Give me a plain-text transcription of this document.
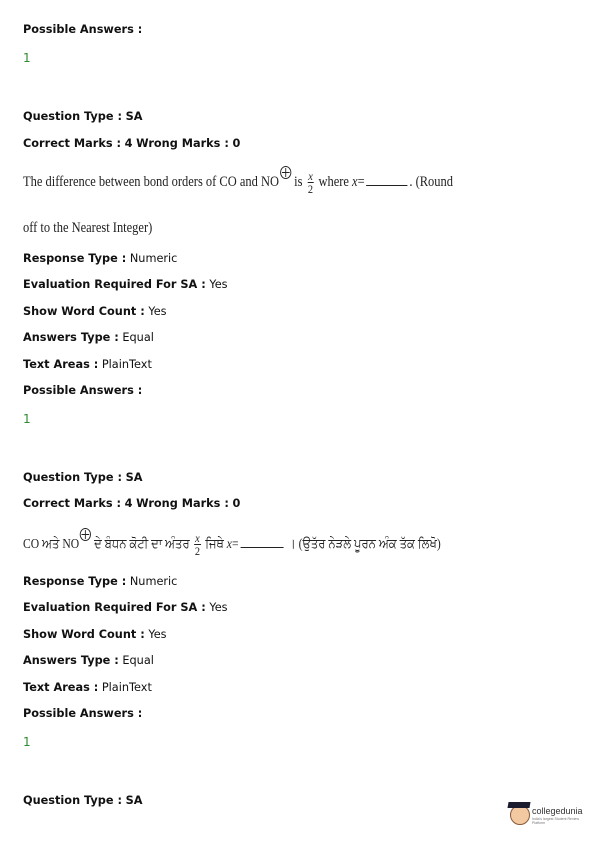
Possible Answers :
1
Question Type : SA
Correct Marks : 4 Wrong Marks : 0
The difference between bond orders of CO and NO is $\frac{x}{2}$ where x=	. (Round
off to the Nearest Integer)
Response Type : Numeric
Evaluation Required For SA : Yes
Show Word Count : Yes
Answers Type : Equal
Text Areas : PlainText
Possible Answers :
1
Question Type : SA
Correct Marks : 4 Wrong Marks : 0
CO ਅਤੇ NO ਦੇ ਬੰਧਨ ਕੋਟੀ ਦਾ ਅੰਤਰ $\frac{x}{2}$ ਜਿਥੇ x=	। (ਉਤੱਰ ਨੇੜਲੇ ਪੂਰਨ ਅੰਕ ਤੱਕ ਲਿਖੋ)
Response Type : Numeric
Evaluation Required For SA : Yes
Show Word Count : Yes
Answers Type : Equal
Text Areas : PlainText
Possible Answers :
1
Question Type : SA
collegedunia
India's largest Student Review Platform
